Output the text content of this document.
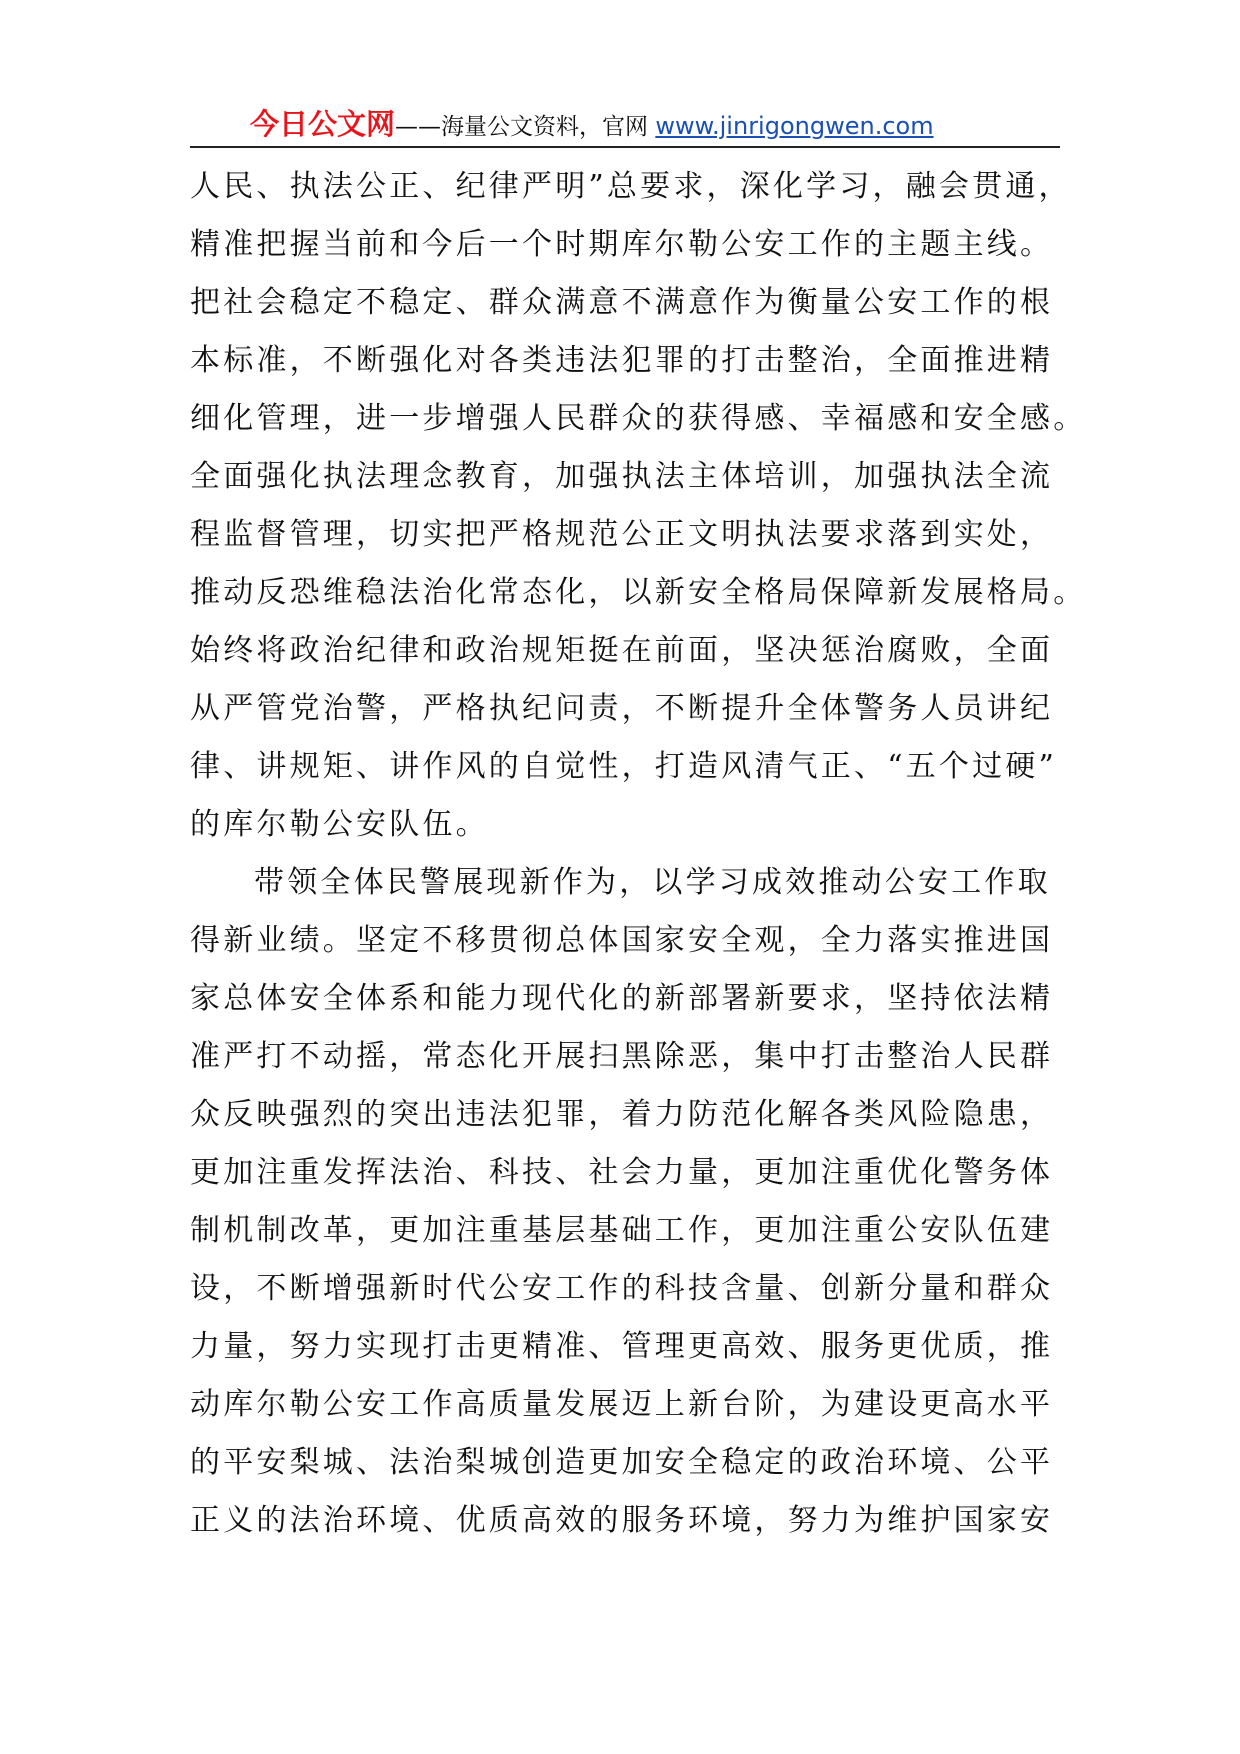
今日公文网——海量公文资料，官网 www.jinrigongwen.com
人民、执法公正、纪律严明”总要求，深化学习，融会贯通，
精准把握当前和今后一个时期库尔勒公安工作的主题主线。
把社会稳定不稳定、群众满意不满意作为衡量公安工作的根
本标准，不断强化对各类违法犯罪的打击整治，全面推进精
细化管理，进一步增强人民群众的获得感、幸福感和安全感。
全面强化执法理念教育，加强执法主体培训，加强执法全流
程监督管理，切实把严格规范公正文明执法要求落到实处，
推动反恐维稳法治化常态化，以新安全格局保障新发展格局。
始终将政治纪律和政治规矩挺在前面，坚决惩治腐败，全面
从严管党治警，严格执纪问责，不断提升全体警务人员讲纪
律、讲规矩、讲作风的自觉性，打造风清气正、“五个过硬”
的库尔勒公安队伍。
带领全体民警展现新作为，以学习成效推动公安工作取
得新业绩。坚定不移贯彻总体国家安全观，全力落实推进国
家总体安全体系和能力现代化的新部署新要求，坚持依法精
准严打不动摇，常态化开展扫黑除恶，集中打击整治人民群
众反映强烈的突出违法犯罪，着力防范化解各类风险隐患，
更加注重发挥法治、科技、社会力量，更加注重优化警务体
制机制改革，更加注重基层基础工作，更加注重公安队伍建
设，不断增强新时代公安工作的科技含量、创新分量和群众
力量，努力实现打击更精准、管理更高效、服务更优质，推
动库尔勒公安工作高质量发展迈上新台阶，为建设更高水平
的平安梨城、法治梨城创造更加安全稳定的政治环境、公平
正义的法治环境、优质高效的服务环境，努力为维护国家安
